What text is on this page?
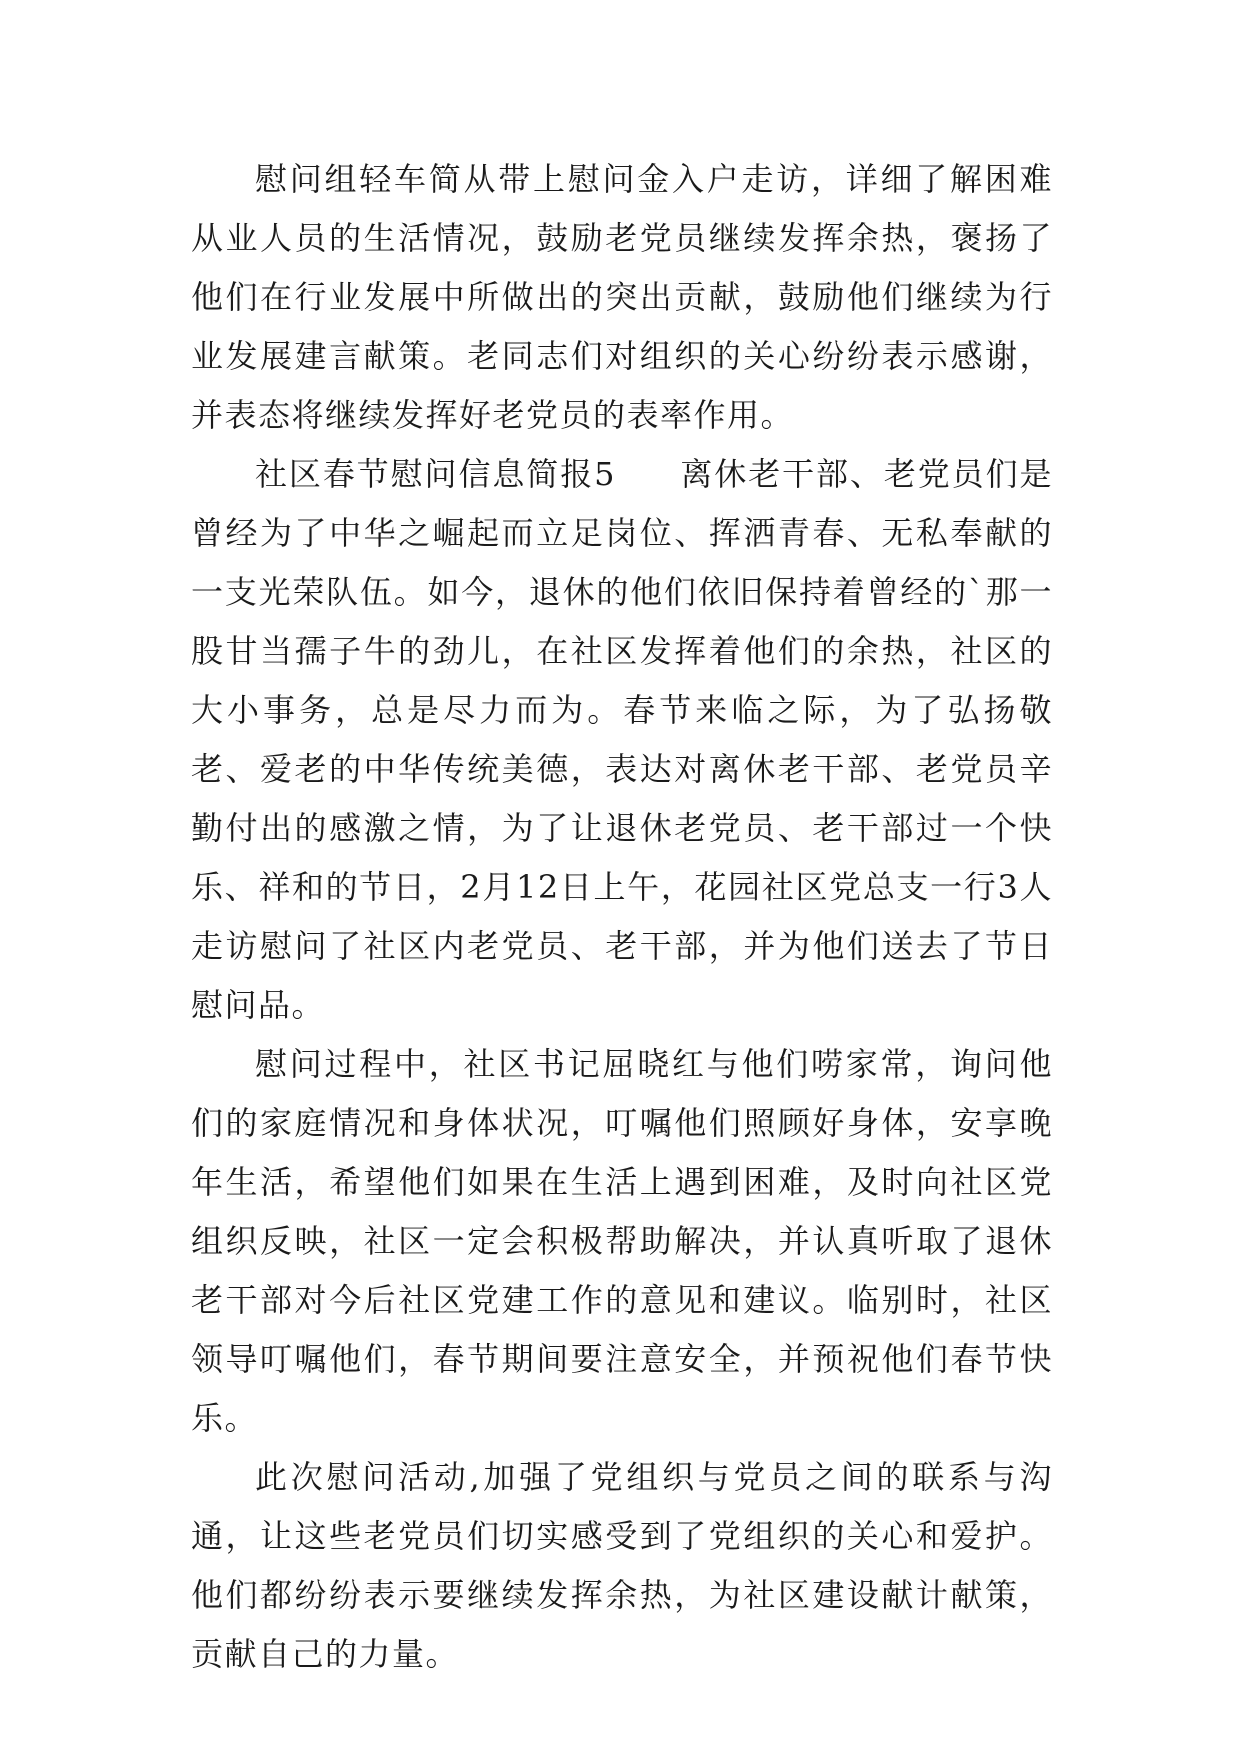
慰问组轻车简从带上慰问金入户走访，详细了解困难从业人员的生活情况，鼓励老党员继续发挥余热，褒扬了他们在行业发展中所做出的突出贡献，鼓励他们继续为行业发展建言献策。老同志们对组织的关心纷纷表示感谢，并表态将继续发挥好老党员的表率作用。

社区春节慰问信息简报5 离休老干部、老党员们是曾经为了中华之崛起而立足岗位、挥洒青春、无私奉献的一支光荣队伍。如今，退休的他们依旧保持着曾经的`那一股甘当孺子牛的劲儿，在社区发挥着他们的余热，社区的大小事务，总是尽力而为。春节来临之际，为了弘扬敬老、爱老的中华传统美德，表达对离休老干部、老党员辛勤付出的感激之情，为了让退休老党员、老干部过一个快乐、祥和的节日，2月12日上午，花园社区党总支一行3人走访慰问了社区内老党员、老干部，并为他们送去了节日慰问品。

慰问过程中，社区书记屈晓红与他们唠家常，询问他们的家庭情况和身体状况，叮嘱他们照顾好身体，安享晚年生活，希望他们如果在生活上遇到困难，及时向社区党组织反映，社区一定会积极帮助解决，并认真听取了退休老干部对今后社区党建工作的意见和建议。临别时，社区领导叮嘱他们，春节期间要注意安全，并预祝他们春节快乐。

此次慰问活动,加强了党组织与党员之间的联系与沟通，让这些老党员们切实感受到了党组织的关心和爱护。他们都纷纷表示要继续发挥余热，为社区建设献计献策，贡献自己的力量。
